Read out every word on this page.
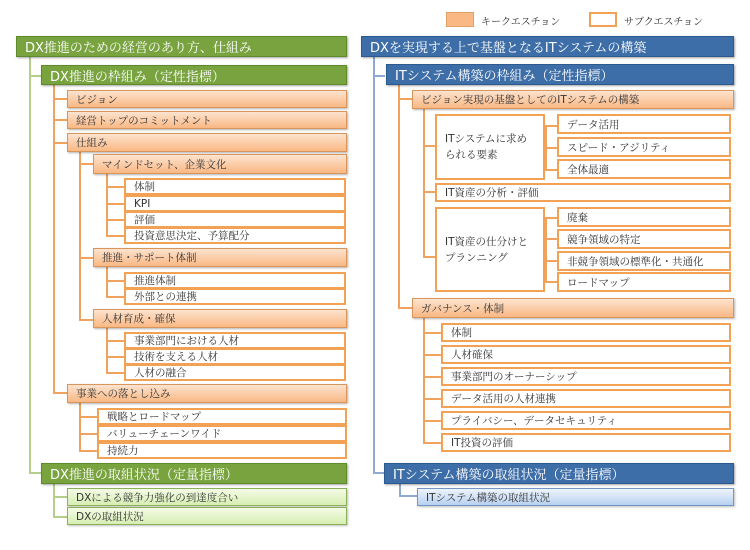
キークエスチョン	サブクエスチョン
DX推進のための経営のあり方、仕組み
DX推進の枠組み（定性指標）
ビジョン
経営トップのコミットメント
仕組み
マインドセット、企業文化
体制
KPI
評価
投資意思決定、予算配分
推進・サポート体制
推進体制
外部との連携
人材育成・確保
事業部門における人材
技術を支える人材
人材の融合
事業への落とし込み
戦略とロードマップ
バリューチェーンワイド
持続力
DX推進の取組状況（定量指標）
DXによる競争力強化の到達度合い
DXの取組状況
DXを実現する上で基盤となるITシステムの構築
ITシステム構築の枠組み（定性指標）
ビジョン実現の基盤としてのITシステムの構築
ITシステムに求められる要素
データ活用
スピード・アジリティ
全体最適
IT資産の分析・評価
IT資産の仕分けとプランニング
廃棄
競争領域の特定
非競争領域の標準化・共通化
ロードマップ
ガバナンス・体制
体制
人材確保
事業部門のオーナーシップ
データ活用の人材連携
プライバシー、データセキュリティ
IT投資の評価
ITシステム構築の取組状況（定量指標）
ITシステム構築の取組状況
